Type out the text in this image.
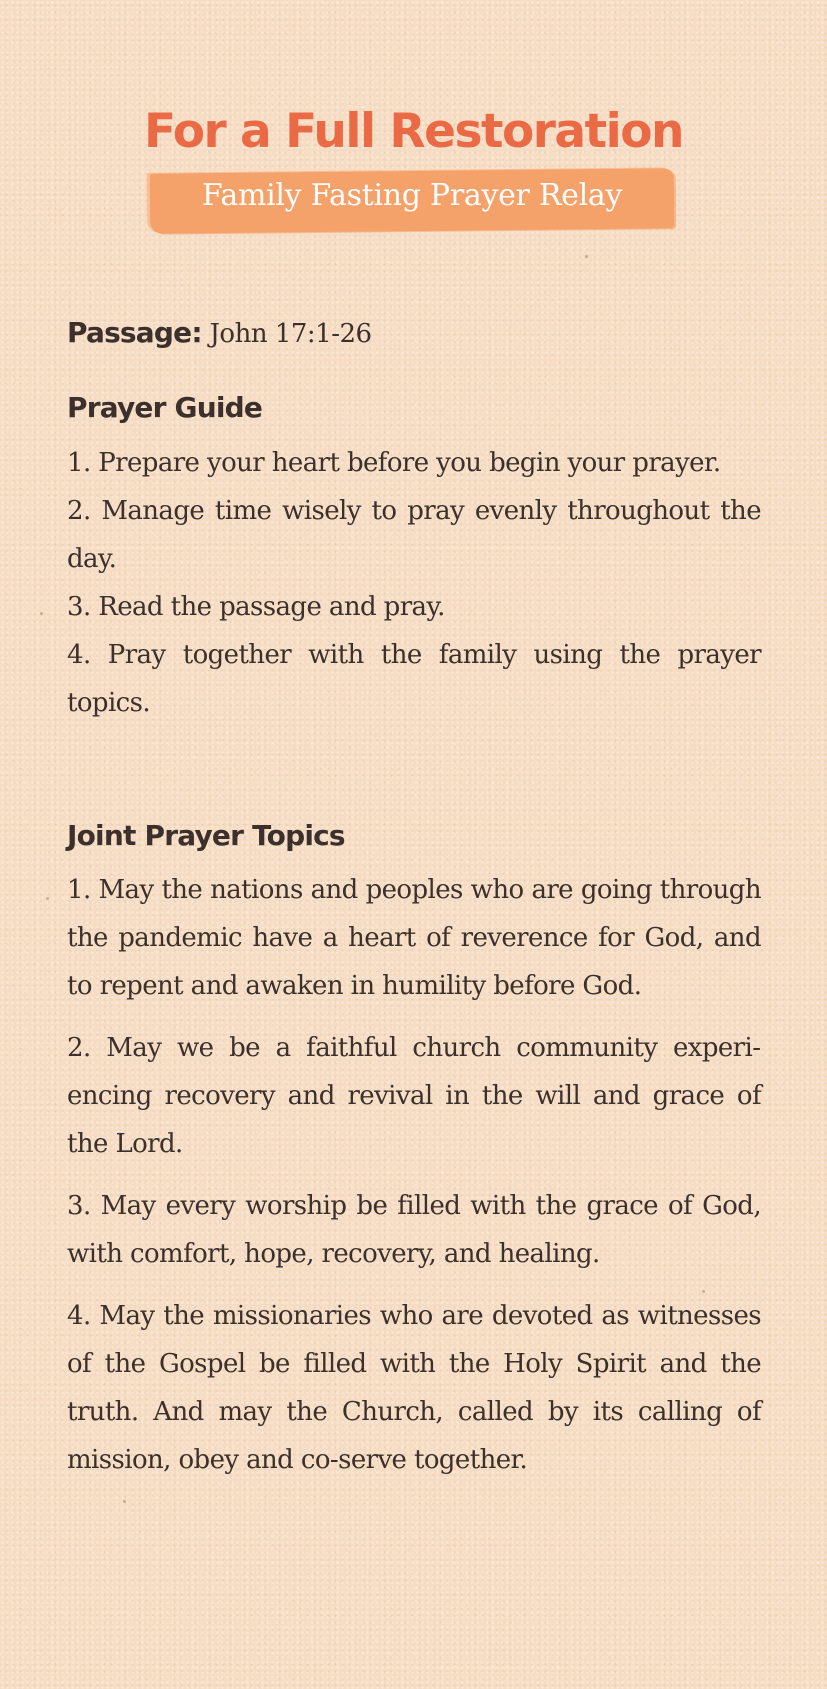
For a Full Restoration
Family Fasting Prayer Relay
Passage: John 17:1-26
Prayer Guide

1. Prepare your heart before you begin your prayer.

2. Manage time wisely to pray evenly throughout the day.

3. Read the passage and pray.

4. Pray together with the family using the prayer topics.

Joint Prayer Topics

1. May the nations and peoples who are going through the pandemic have a heart of reverence for God, and to repent and awaken in humility before God.

2. May we be a faithful church community experiencing recovery and revival in the will and grace of the Lord.

3. May every worship be filled with the grace of God, with comfort, hope, recovery, and healing.

4. May the missionaries who are devoted as witnesses of the Gospel be filled with the Holy Spirit and the truth. And may the Church, called by its calling of mission, obey and co-serve together.
